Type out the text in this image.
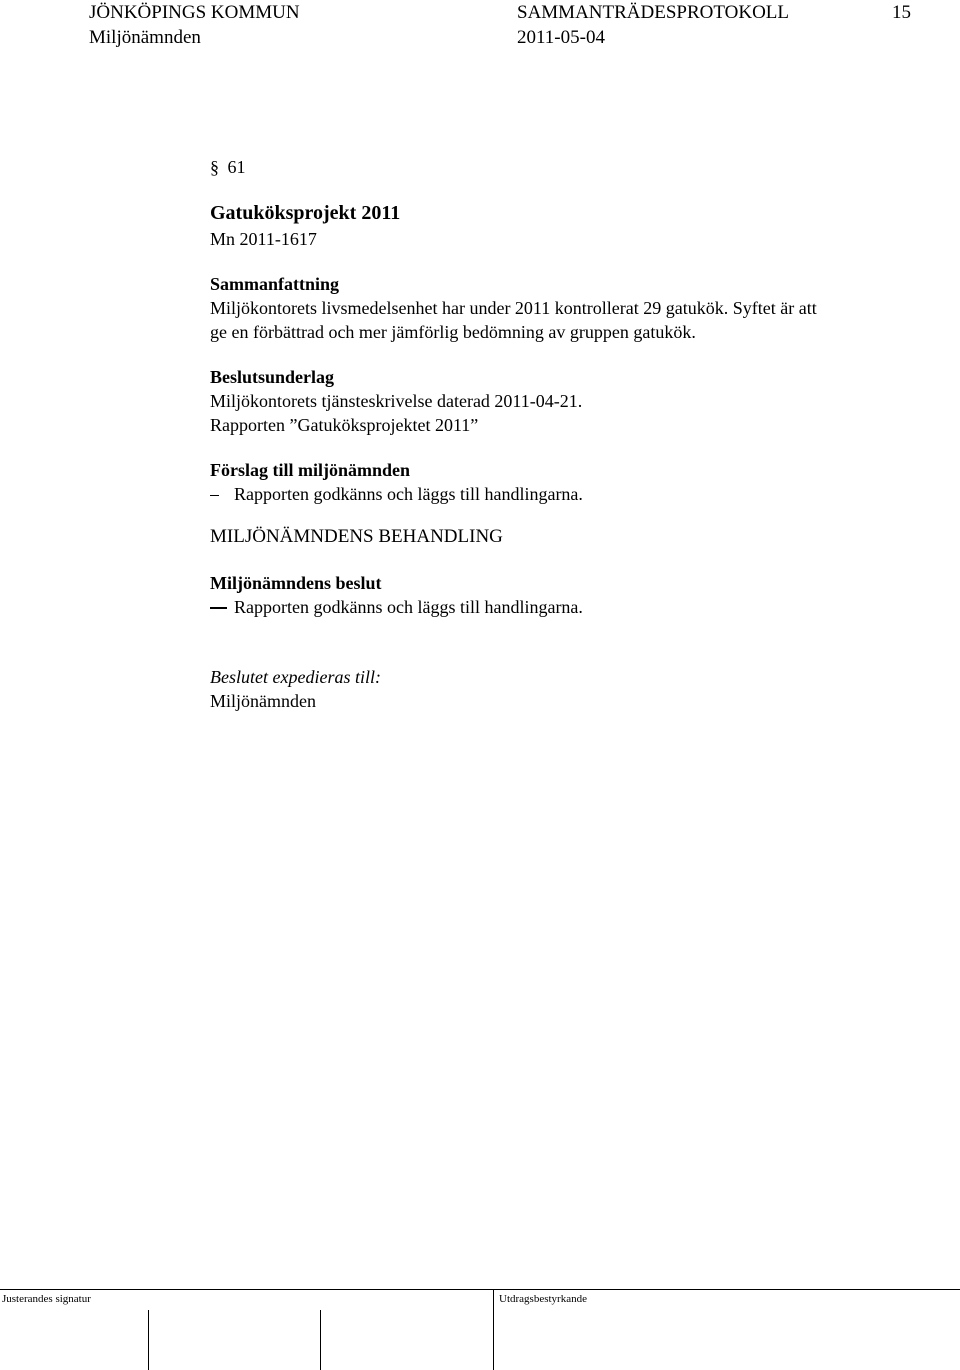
JÖNKÖPINGS KOMMUN	SAMMANTRÄDESPROTOKOLL	15
Miljönämnden	2011-05-04
§ 61
Gatuköksprojekt 2011
Mn 2011-1617
Sammanfattning
Miljökontorets livsmedelsenhet har under 2011 kontrollerat 29 gatukök. Syftet är att
ge en förbättrad och mer jämförlig bedömning av gruppen gatukök.
Beslutsunderlag
Miljökontorets tjänsteskrivelse daterad 2011-04-21.
Rapporten ”Gatuköksprojektet 2011”
Förslag till miljönämnden
Rapporten godkänns och läggs till handlingarna.
MILJÖNÄMNDENS BEHANDLING
Miljönämndens beslut
Rapporten godkänns och läggs till handlingarna.
Beslutet expedieras till:
Miljönämnden
Justerandes signatur	Utdragsbestyrkande
